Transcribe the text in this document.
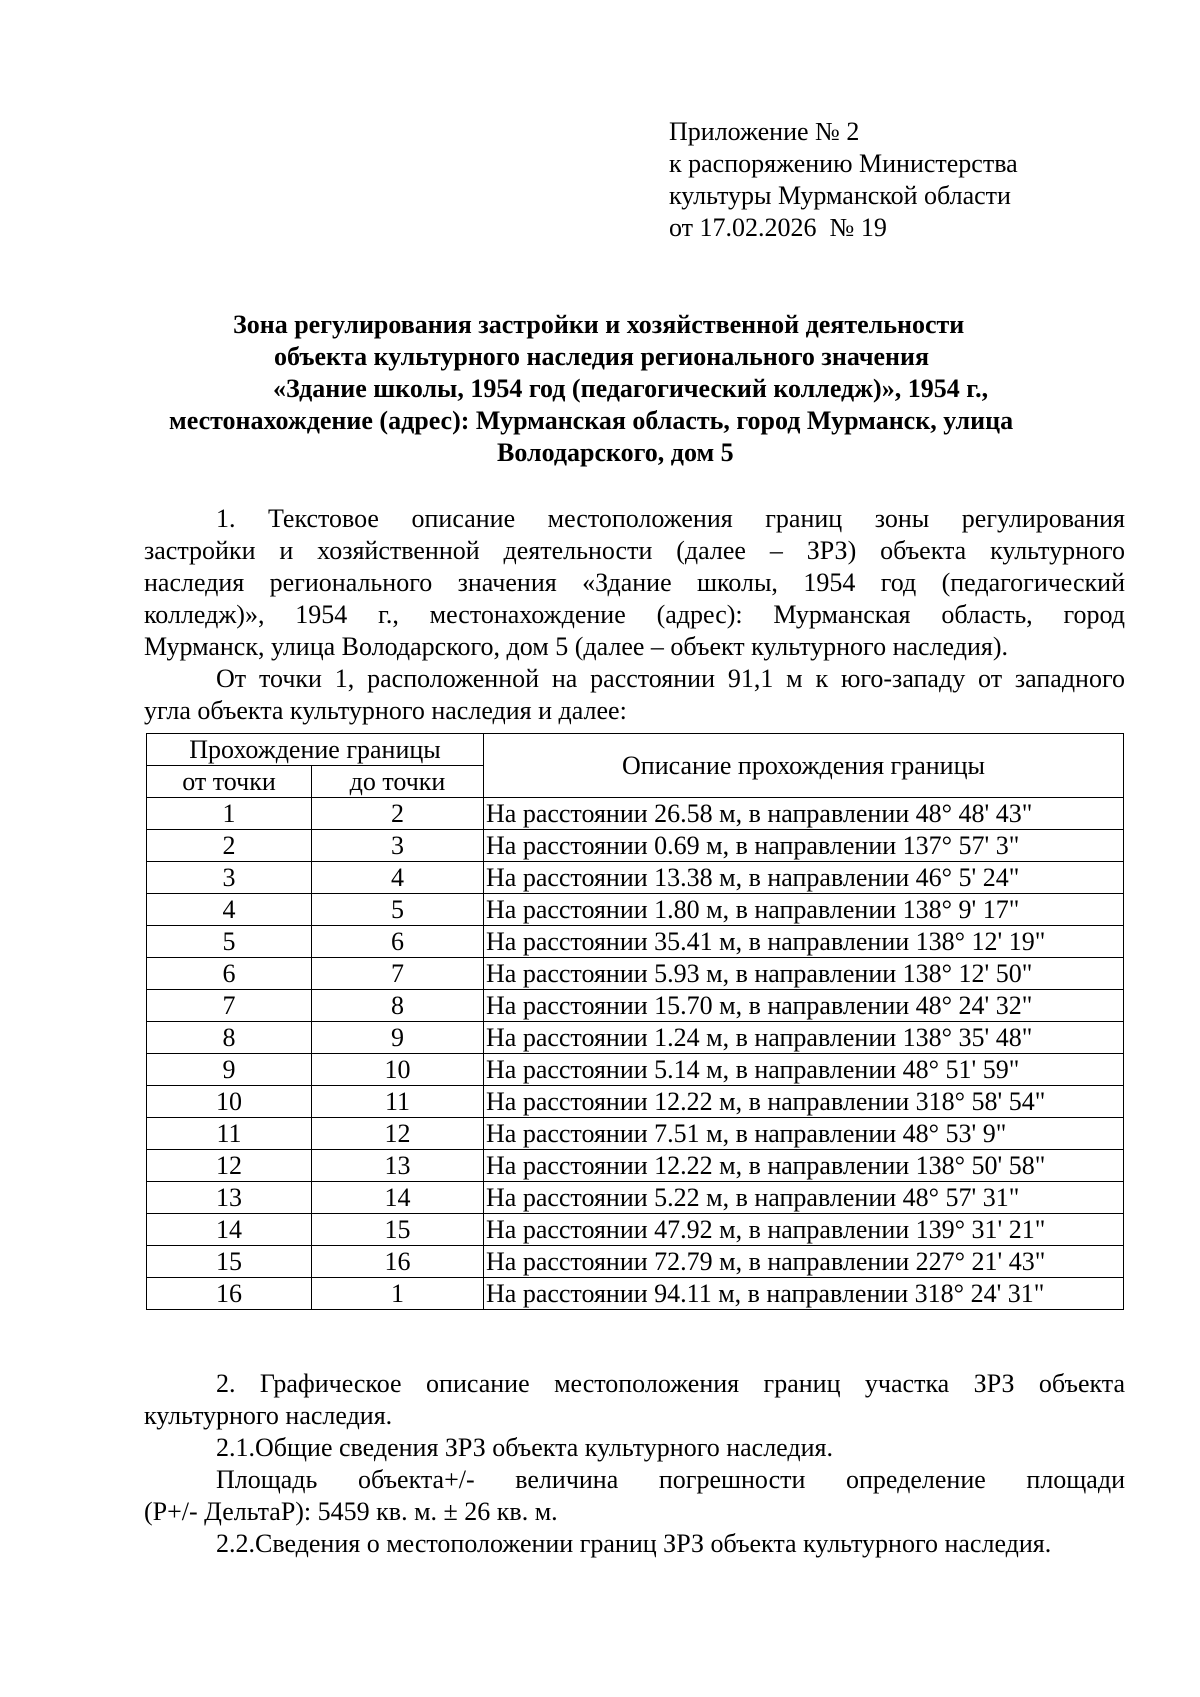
Приложение № 2
к распоряжению Министерства
культуры Мурманской области
от 17.02.2026  № 19
Зона регулирования застройки и хозяйственной деятельности
объекта культурного наследия регионального значения
«Здание школы, 1954 год (педагогический колледж)», 1954 г.,
местонахождение (адрес): Мурманская область, город Мурманск, улица
Володарского, дом 5
1. Текстовое описание местоположения границ зоны регулирования
застройки и хозяйственной деятельности (далее – ЗРЗ) объекта культурного
наследия регионального значения «Здание школы, 1954 год (педагогический
колледж)», 1954 г., местонахождение (адрес): Мурманская область, город
Мурманск, улица Володарского, дом 5 (далее – объект культурного наследия).
От точки 1, расположенной на расстоянии 91,1 м к юго-западу от западного
угла объекта культурного наследия и далее:
Прохождение границы		Описание прохождения границы
от точки	до точки	
1	2	На расстоянии 26.58 м, в направлении 48° 48' 43"
2	3	На расстоянии 0.69 м, в направлении 137° 57' 3"
3	4	На расстоянии 13.38 м, в направлении 46° 5' 24"
4	5	На расстоянии 1.80 м, в направлении 138° 9' 17"
5	6	На расстоянии 35.41 м, в направлении 138° 12' 19"
6	7	На расстоянии 5.93 м, в направлении 138° 12' 50"
7	8	На расстоянии 15.70 м, в направлении 48° 24' 32"
8	9	На расстоянии 1.24 м, в направлении 138° 35' 48"
9	10	На расстоянии 5.14 м, в направлении 48° 51' 59"
10	11	На расстоянии 12.22 м, в направлении 318° 58' 54"
11	12	На расстоянии 7.51 м, в направлении 48° 53' 9"
12	13	На расстоянии 12.22 м, в направлении 138° 50' 58"
13	14	На расстоянии 5.22 м, в направлении 48° 57' 31"
14	15	На расстоянии 47.92 м, в направлении 139° 31' 21"
15	16	На расстоянии 72.79 м, в направлении 227° 21' 43"
16	1	На расстоянии 94.11 м, в направлении 318° 24' 31"
2. Графическое описание местоположения границ участка ЗРЗ объекта
культурного наследия.
2.1.Общие сведения ЗРЗ объекта культурного наследия.
Площадь объекта+/- величина погрешности определение площади
(Р+/- ДельтаР): 5459 кв. м. ± 26 кв. м.
2.2.Сведения о местоположении границ ЗРЗ объекта культурного наследия.
